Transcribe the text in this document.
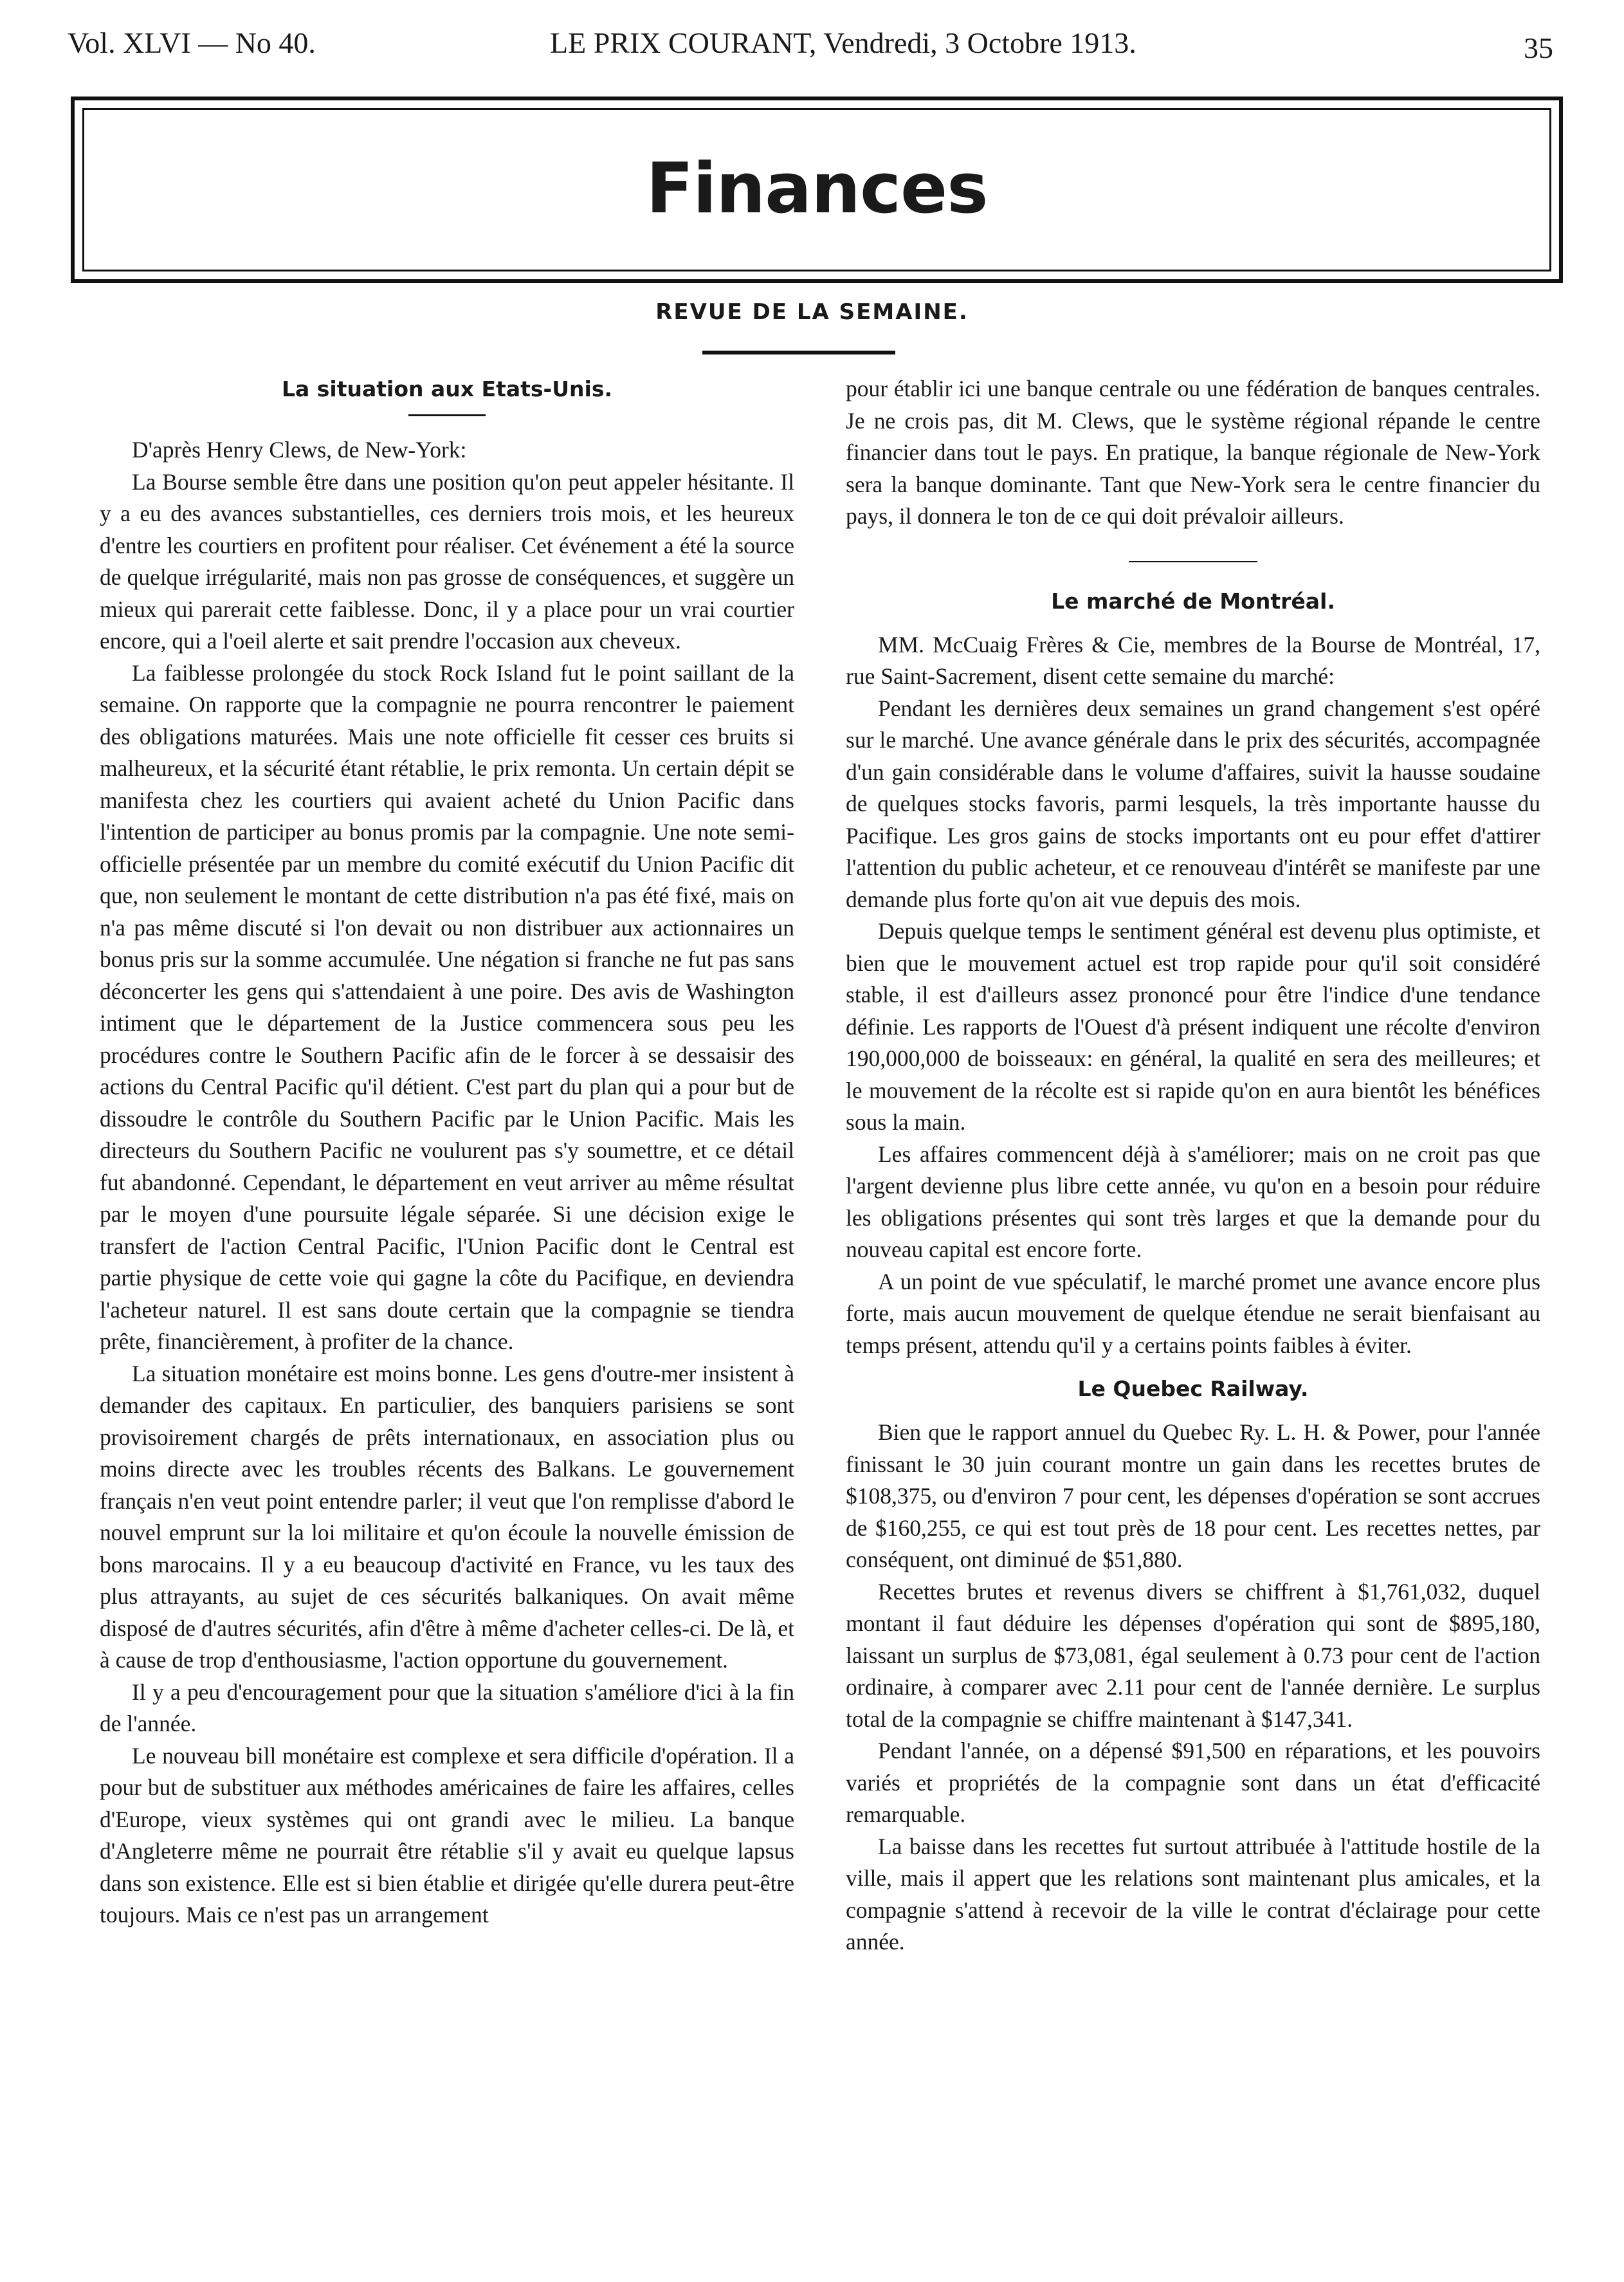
Vol. XLVI — No 40.	LE PRIX COURANT, Vendredi, 3 Octobre 1913.	35
Finances
REVUE DE LA SEMAINE.
La situation aux Etats-Unis.

D'après Henry Clews, de New-York:

La Bourse semble être dans une position qu'on peut appeler hésitante. Il y a eu des avances substantielles, ces derniers trois mois, et les heureux d'entre les courtiers en profitent pour réaliser. Cet événement a été la source de quelque irrégularité, mais non pas grosse de conséquences, et suggère un mieux qui parerait cette faiblesse. Donc, il y a place pour un vrai courtier encore, qui a l'oeil alerte et sait prendre l'occasion aux cheveux.

La faiblesse prolongée du stock Rock Island fut le point saillant de la semaine. On rapporte que la compagnie ne pourra rencontrer le paiement des obligations maturées. Mais une note officielle fit cesser ces bruits si malheureux, et la sécurité étant rétablie, le prix remonta. Un certain dépit se manifesta chez les courtiers qui avaient acheté du Union Pacific dans l'intention de participer au bonus promis par la compagnie. Une note semi-officielle présentée par un membre du comité exécutif du Union Pacific dit que, non seulement le montant de cette distribution n'a pas été fixé, mais on n'a pas même discuté si l'on devait ou non distribuer aux actionnaires un bonus pris sur la somme accumulée. Une négation si franche ne fut pas sans déconcerter les gens qui s'attendaient à une poire. Des avis de Washington intiment que le département de la Justice commencera sous peu les procédures contre le Southern Pacific afin de le forcer à se dessaisir des actions du Central Pacific qu'il détient. C'est part du plan qui a pour but de dissoudre le contrôle du Southern Pacific par le Union Pacific. Mais les directeurs du Southern Pacific ne voulurent pas s'y soumettre, et ce détail fut abandonné. Cependant, le département en veut arriver au même résultat par le moyen d'une poursuite légale séparée. Si une décision exige le transfert de l'action Central Pacific, l'Union Pacific dont le Central est partie physique de cette voie qui gagne la côte du Pacifique, en deviendra l'acheteur naturel. Il est sans doute certain que la compagnie se tiendra prête, financièrement, à profiter de la chance.

La situation monétaire est moins bonne. Les gens d'outre-mer insistent à demander des capitaux. En particulier, des banquiers parisiens se sont provisoirement chargés de prêts internationaux, en association plus ou moins directe avec les troubles récents des Balkans. Le gouvernement français n'en veut point entendre parler; il veut que l'on remplisse d'abord le nouvel emprunt sur la loi militaire et qu'on écoule la nouvelle émission de bons marocains. Il y a eu beaucoup d'activité en France, vu les taux des plus attrayants, au sujet de ces sécurités balkaniques. On avait même disposé de d'autres sécurités, afin d'être à même d'acheter celles-ci. De là, et à cause de trop d'enthousiasme, l'action opportune du gouvernement.

Il y a peu d'encouragement pour que la situation s'améliore d'ici à la fin de l'année.

Le nouveau bill monétaire est complexe et sera difficile d'opération. Il a pour but de substituer aux méthodes américaines de faire les affaires, celles d'Europe, vieux systèmes qui ont grandi avec le milieu. La banque d'Angleterre même ne pourrait être rétablie s'il y avait eu quelque lapsus dans son existence. Elle est si bien établie et dirigée qu'elle durera peut-être toujours. Mais ce n'est pas un arrangement

pour établir ici une banque centrale ou une fédération de banques centrales. Je ne crois pas, dit M. Clews, que le système régional répande le centre financier dans tout le pays. En pratique, la banque régionale de New-York sera la banque dominante. Tant que New-York sera le centre financier du pays, il donnera le ton de ce qui doit prévaloir ailleurs.

Le marché de Montréal.

MM. McCuaig Frères & Cie, membres de la Bourse de Montréal, 17, rue Saint-Sacrement, disent cette semaine du marché:

Pendant les dernières deux semaines un grand changement s'est opéré sur le marché. Une avance générale dans le prix des sécurités, accompagnée d'un gain considérable dans le volume d'affaires, suivit la hausse soudaine de quelques stocks favoris, parmi lesquels, la très importante hausse du Pacifique. Les gros gains de stocks importants ont eu pour effet d'attirer l'attention du public acheteur, et ce renouveau d'intérêt se manifeste par une demande plus forte qu'on ait vue depuis des mois.

Depuis quelque temps le sentiment général est devenu plus optimiste, et bien que le mouvement actuel est trop rapide pour qu'il soit considéré stable, il est d'ailleurs assez prononcé pour être l'indice d'une tendance définie. Les rapports de l'Ouest d'à présent indiquent une récolte d'environ 190,000,000 de boisseaux: en général, la qualité en sera des meilleures; et le mouvement de la récolte est si rapide qu'on en aura bientôt les bénéfices sous la main.

Les affaires commencent déjà à s'améliorer; mais on ne croit pas que l'argent devienne plus libre cette année, vu qu'on en a besoin pour réduire les obligations présentes qui sont très larges et que la demande pour du nouveau capital est encore forte.

A un point de vue spéculatif, le marché promet une avance encore plus forte, mais aucun mouvement de quelque étendue ne serait bienfaisant au temps présent, attendu qu'il y a certains points faibles à éviter.

Le Quebec Railway.

Bien que le rapport annuel du Quebec Ry. L. H. & Power, pour l'année finissant le 30 juin courant montre un gain dans les recettes brutes de $108,375, ou d'environ 7 pour cent, les dépenses d'opération se sont accrues de $160,255, ce qui est tout près de 18 pour cent. Les recettes nettes, par conséquent, ont diminué de $51,880.

Recettes brutes et revenus divers se chiffrent à $1,761,032, duquel montant il faut déduire les dépenses d'opération qui sont de $895,180, laissant un surplus de $73,081, égal seulement à 0.73 pour cent de l'action ordinaire, à comparer avec 2.11 pour cent de l'année dernière. Le surplus total de la compagnie se chiffre maintenant à $147,341.

Pendant l'année, on a dépensé $91,500 en réparations, et les pouvoirs variés et propriétés de la compagnie sont dans un état d'efficacité remarquable.

La baisse dans les recettes fut surtout attribuée à l'attitude hostile de la ville, mais il appert que les relations sont maintenant plus amicales, et la compagnie s'attend à recevoir de la ville le contrat d'éclairage pour cette année.
